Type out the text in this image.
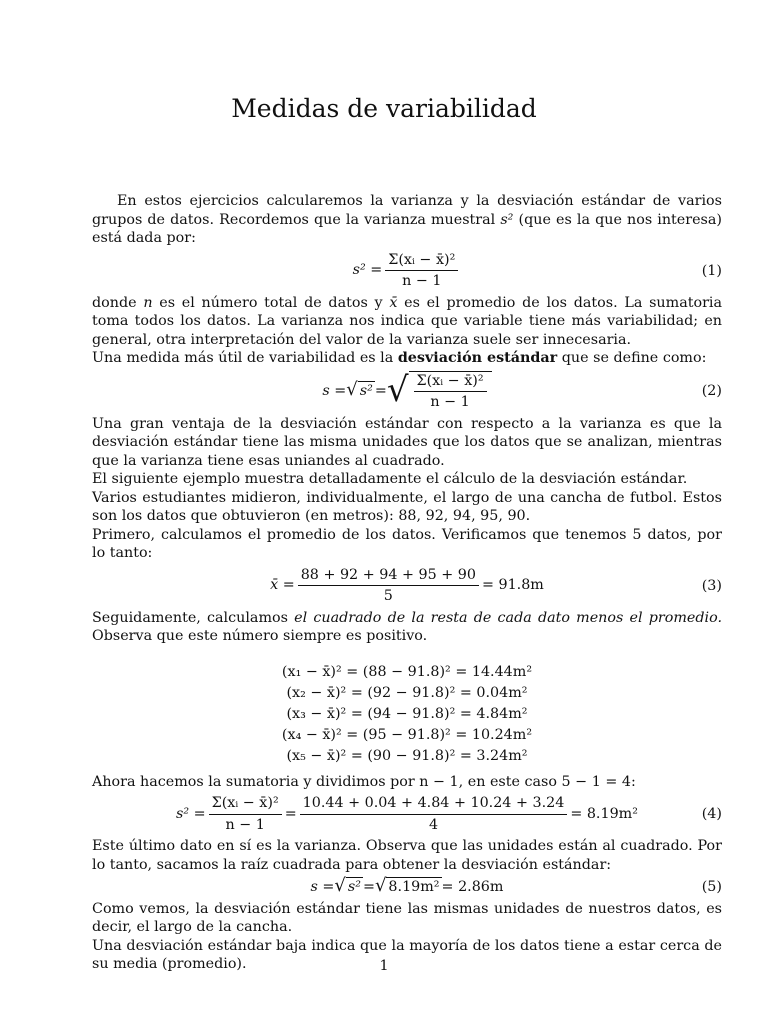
Medidas de variabilidad

En estos ejercicios calcularemos la varianza y la desviación estándar de varios grupos de datos. Recordemos que la varianza muestral s² (que es la que nos interesa) está dada por:

$s^2 = \frac{\text{Σ(xᵢ − x̄)²}}{n - 1}$	(1)

donde n es el número total de datos y x̄ es el promedio de los datos. La sumatoria toma todos los datos. La varianza nos indica que variable tiene más variabilidad; en general, otra interpretación del valor de la varianza suele ser innecesaria.

Una medida más útil de variabilidad es la desviación estándar que se define como:

s = √ s² = √ $\frac{\text{Σ(xᵢ − x̄)²}}{n - 1}$	(2)

Una gran ventaja de la desviación estándar con respecto a la varianza es que la desviación estándar tiene las misma unidades que los datos que se analizan, mientras que la varianza tiene esas uniandes al cuadrado.

El siguiente ejemplo muestra detalladamente el cálculo de la desviación estándar.

Varios estudiantes midieron, individualmente, el largo de una cancha de futbol. Estos son los datos que obtuvieron (en metros): 88, 92, 94, 95, 90.

Primero, calculamos el promedio de los datos. Verificamos que tenemos 5 datos, por lo tanto:

x̄ = $\frac{88 + 92 + 94 + 95 + 90}{5} = 91.8m$	(3)

Seguidamente, calculamos el cuadrado de la resta de cada dato menos el promedio. Observa que este número siempre es positivo.

(x₁ − x̄)² = (88 − 91.8)² = 14.44m²
(x₂ − x̄)² = (92 − 91.8)² = 0.04m²
(x₃ − x̄)² = (94 − 91.8)² = 4.84m²
(x₄ − x̄)² = (95 − 91.8)² = 10.24m²
(x₅ − x̄)² = (90 − 91.8)² = 3.24m²

Ahora hacemos la sumatoria y dividimos por n − 1, en este caso 5 − 1 = 4:

$s^2 = \frac{\text{Σ(xᵢ − x̄)²}}{n - 1} = \frac{10.44 + 0.04 + 4.84 + 10.24 + 3.24}{4} = 8.19m^2$	(4)

Este último dato en sí es la varianza. Observa que las unidades están al cuadrado. Por lo tanto, sacamos la raíz cuadrada para obtener la desviación estándar:

s = √ s² = √ 8.19m² = 2.86m	(5)

Como vemos, la desviación estándar tiene las mismas unidades de nuestros datos, es decir, el largo de la cancha.

Una desviación estándar baja indica que la mayoría de los datos tiene a estar cerca de su media (promedio).	1
